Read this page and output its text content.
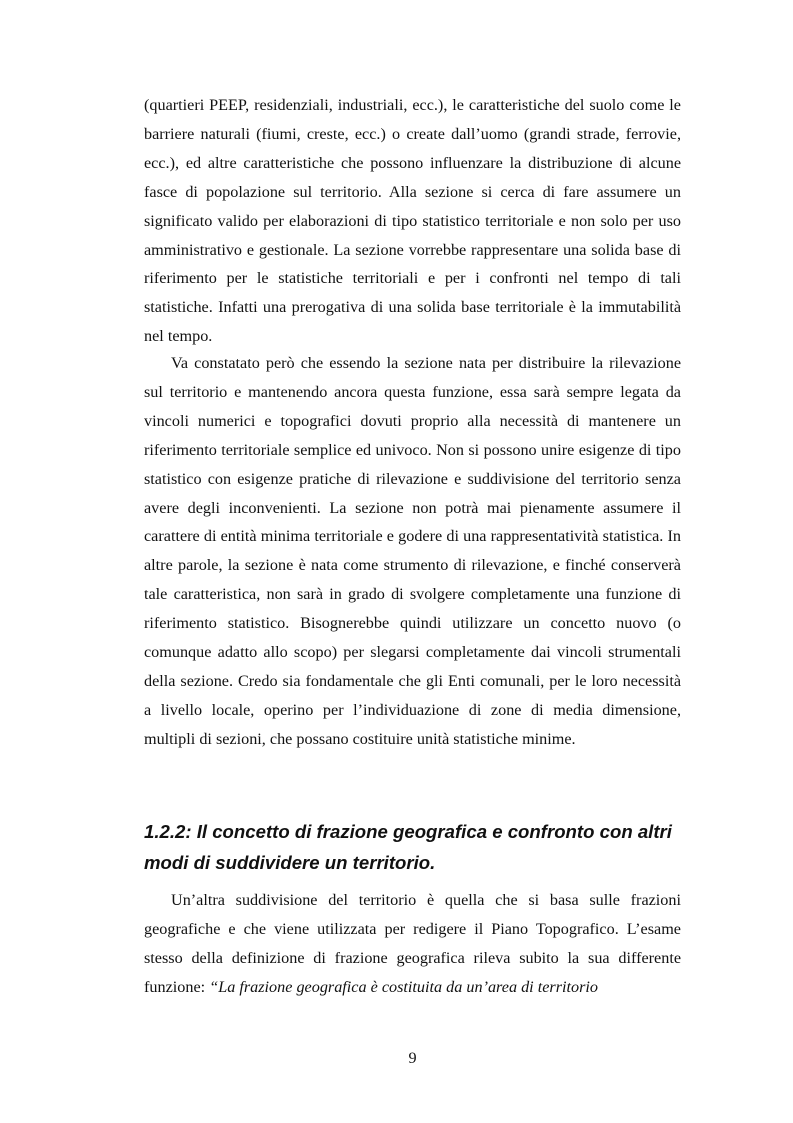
(quartieri PEEP, residenziali, industriali, ecc.), le caratteristiche del suolo come le barriere naturali (fiumi, creste, ecc.) o create dall’uomo (grandi strade, ferrovie, ecc.), ed altre caratteristiche che possono influenzare la distribuzione di alcune fasce di popolazione sul territorio. Alla sezione si cerca di fare assumere un significato valido per elaborazioni di tipo statistico territoriale e non solo per uso amministrativo e gestionale. La sezione vorrebbe rappresentare una solida base di riferimento per le statistiche territoriali e per i confronti nel tempo di tali statistiche. Infatti una prerogativa di una solida base territoriale è la immutabilità nel tempo.

Va constatato però che essendo la sezione nata per distribuire la rilevazione sul territorio e mantenendo ancora questa funzione, essa sarà sempre legata da vincoli numerici e topografici dovuti proprio alla necessità di mantenere un riferimento territoriale semplice ed univoco. Non si possono unire esigenze di tipo statistico con esigenze pratiche di rilevazione e suddivisione del territorio senza avere degli inconvenienti. La sezione non potrà mai pienamente assumere il carattere di entità minima territoriale e godere di una rappresentatività statistica. In altre parole, la sezione è nata come strumento di rilevazione, e finché conserverà tale caratteristica, non sarà in grado di svolgere completamente una funzione di riferimento statistico. Bisognerebbe quindi utilizzare un concetto nuovo (o comunque adatto allo scopo) per slegarsi completamente dai vincoli strumentali della sezione. Credo sia fondamentale che gli Enti comunali, per le loro necessità a livello locale, operino per l’individuazione di zone di media dimensione, multipli di sezioni, che possano costituire unità statistiche minime.

1.2.2: Il concetto di frazione geografica e confronto con altri modi di suddividere un territorio.

Un’altra suddivisione del territorio è quella che si basa sulle frazioni geografiche e che viene utilizzata per redigere il Piano Topografico. L’esame stesso della definizione di frazione geografica rileva subito la sua differente funzione: “La frazione geografica è costituita da un’area di territorio

9
